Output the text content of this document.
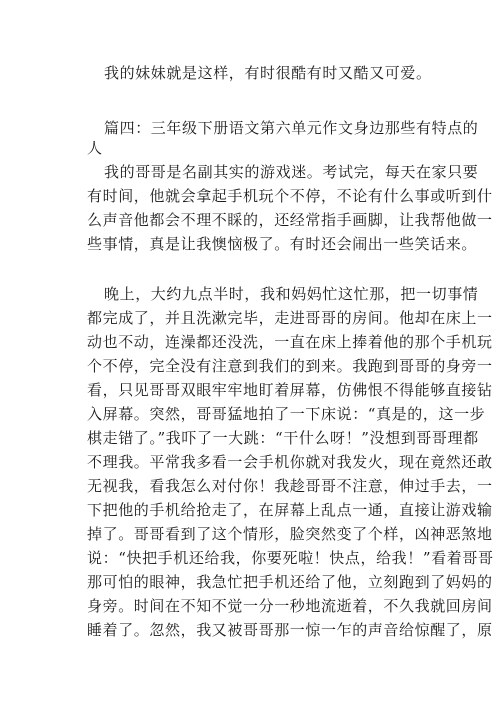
我的妹妹就是这样，有时很酷有时又酷又可爱。
篇四：三年级下册语文第六单元作文身边那些有特点的
人
我的哥哥是名副其实的游戏迷。考试完，每天在家只要
有时间，他就会拿起手机玩个不停，不论有什么事或听到什
么声音他都会不理不睬的，还经常指手画脚，让我帮他做一
些事情，真是让我懊恼极了。有时还会闹出一些笑话来。
晚上，大约九点半时，我和妈妈忙这忙那，把一切事情
都完成了，并且洗漱完毕，走进哥哥的房间。他却在床上一
动也不动，连澡都还没洗，一直在床上捧着他的那个手机玩
个不停，完全没有注意到我们的到来。我跑到哥哥的身旁一
看，只见哥哥双眼牢牢地盯着屏幕，仿佛恨不得能够直接钻
入屏幕。突然，哥哥猛地拍了一下床说：“真是的，这一步
棋走错了。”我吓了一大跳：“干什么呀！”没想到哥哥理都
不理我。平常我多看一会手机你就对我发火，现在竟然还敢
无视我，看我怎么对付你！我趁哥哥不注意，伸过手去，一
下把他的手机给抢走了，在屏幕上乱点一通，直接让游戏输
掉了。哥哥看到了这个情形，脸突然变了个样，凶神恶煞地
说：“快把手机还给我，你要死啦！快点，给我！”看着哥哥
那可怕的眼神，我急忙把手机还给了他，立刻跑到了妈妈的
身旁。时间在不知不觉一分一秒地流逝着，不久我就回房间
睡着了。忽然，我又被哥哥那一惊一乍的声音给惊醒了，原
